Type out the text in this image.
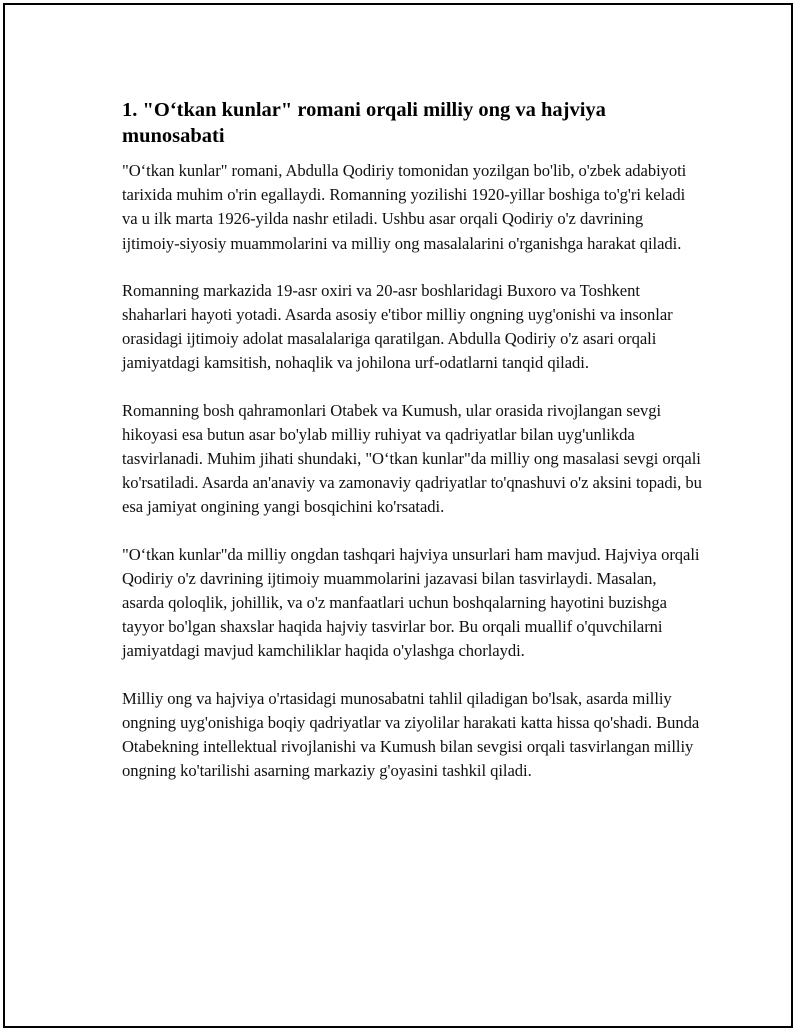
1. "O‘tkan kunlar" romani orqali milliy ong va hajviya munosabati

"O‘tkan kunlar" romani, Abdulla Qodiriy tomonidan yozilgan bo'lib, o'zbek adabiyoti tarixida muhim o'rin egallaydi. Romanning yozilishi 1920-yillar boshiga to'g'ri keladi va u ilk marta 1926-yilda nashr etiladi. Ushbu asar orqali Qodiriy o'z davrining ijtimoiy-siyosiy muammolarini va milliy ong masalalarini o'rganishga harakat qiladi.

Romanning markazida 19-asr oxiri va 20-asr boshlaridagi Buxoro va Toshkent shaharlari hayoti yotadi. Asarda asosiy e'tibor milliy ongning uyg'onishi va insonlar orasidagi ijtimoiy adolat masalalariga qaratilgan. Abdulla Qodiriy o'z asari orqali jamiyatdagi kamsitish, nohaqlik va johilona urf-odatlarni tanqid qiladi.

Romanning bosh qahramonlari Otabek va Kumush, ular orasida rivojlangan sevgi hikoyasi esa butun asar bo'ylab milliy ruhiyat va qadriyatlar bilan uyg'unlikda tasvirlanadi. Muhim jihati shundaki, "O‘tkan kunlar"da milliy ong masalasi sevgi orqali ko'rsatiladi. Asarda an'anaviy va zamonaviy qadriyatlar to'qnashuvi o'z aksini topadi, bu esa jamiyat ongining yangi bosqichini ko'rsatadi.

"O‘tkan kunlar"da milliy ongdan tashqari hajviya unsurlari ham mavjud. Hajviya orqali Qodiriy o'z davrining ijtimoiy muammolarini jazavasi bilan tasvirlaydi. Masalan, asarda qoloqlik, johillik, va o'z manfaatlari uchun boshqalarning hayotini buzishga tayyor bo'lgan shaxslar haqida hajviy tasvirlar bor. Bu orqali muallif o'quvchilarni jamiyatdagi mavjud kamchiliklar haqida o'ylashga chorlaydi.

Milliy ong va hajviya o'rtasidagi munosabatni tahlil qiladigan bo'lsak, asarda milliy ongning uyg'onishiga boqiy qadriyatlar va ziyolilar harakati katta hissa qo'shadi. Bunda Otabekning intellektual rivojlanishi va Kumush bilan sevgisi orqali tasvirlangan milliy ongning ko'tarilishi asarning markaziy g'oyasini tashkil qiladi.
